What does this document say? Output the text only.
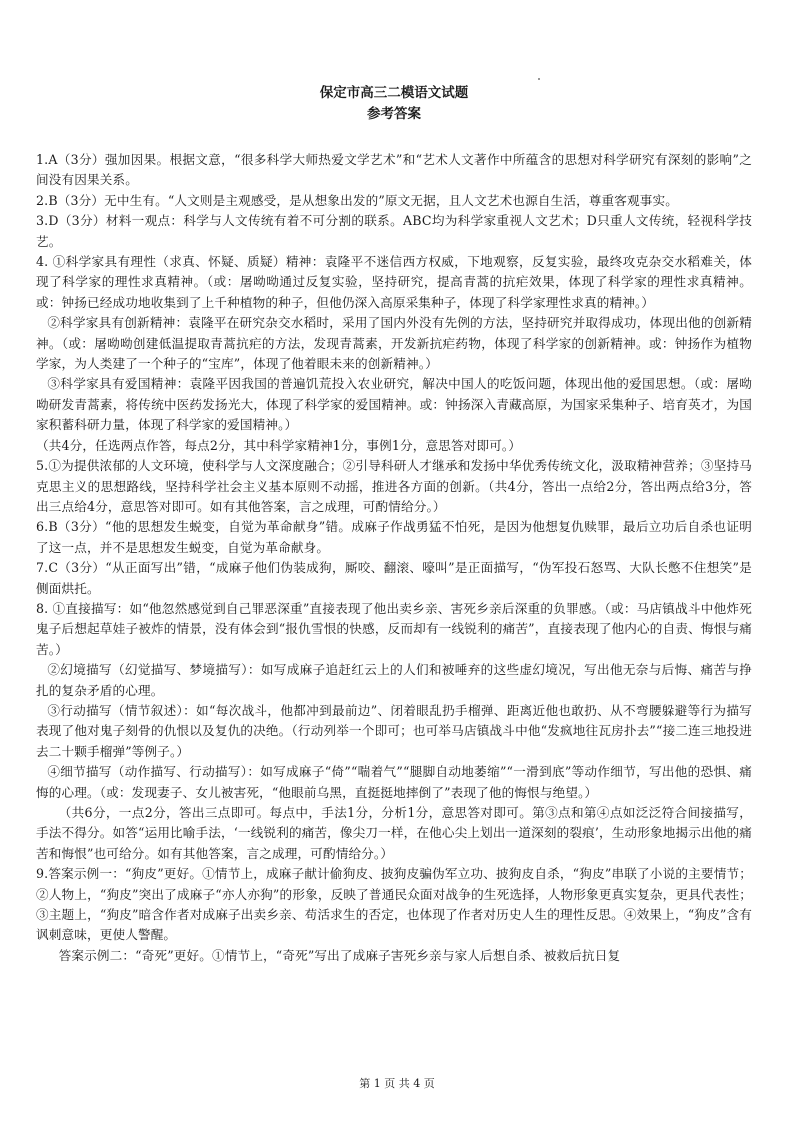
保定市高三二模语文试题

参考答案

1.A（3分）强加因果。根据文意，“很多科学大师热爱文学艺术”和“艺术人文著作中所蕴含的思想对科学研究有深刻的影响”之间没有因果关系。

2.B（3分）无中生有。“人文则是主观感受，是从想象出发的”原文无据，且人文艺术也源自生活，尊重客观事实。

3.D（3分）材料一观点：科学与人文传统有着不可分割的联系。ABC均为科学家重视人文艺术；D只重人文传统，轻视科学技艺。

4. ①科学家具有理性（求真、怀疑、质疑）精神：袁隆平不迷信西方权威，下地观察，反复实验，最终攻克杂交水稻难关，体现了科学家的理性求真精神。（或：屠呦呦通过反复实验，坚持研究，提高青蒿的抗疟效果，体现了科学家的理性求真精神。或：钟扬已经成功地收集到了上千种植物的种子，但他仍深入高原采集种子，体现了科学家理性求真的精神。）

②科学家具有创新精神：袁隆平在研究杂交水稻时，采用了国内外没有先例的方法，坚持研究并取得成功，体现出他的创新精神。（或：屠呦呦创建低温提取青蒿抗疟的方法，发现青蒿素，开发新抗疟药物，体现了科学家的创新精神。或：钟扬作为植物学家，为人类建了一个种子的“宝库”，体现了他着眼未来的创新精神。）

③科学家具有爱国精神：袁隆平因我国的普遍饥荒投入农业研究，解决中国人的吃饭问题，体现出他的爱国思想。（或：屠呦呦研发青蒿素，将传统中医药发扬光大，体现了科学家的爱国精神。或：钟扬深入青藏高原，为国家采集种子、培育英才，为国家积蓄科研力量，体现了科学家的爱国精神。）

（共4分，任选两点作答，每点2分，其中科学家精神1分，事例1分，意思答对即可。）

5.①为提供浓郁的人文环境，使科学与人文深度融合；②引导科研人才继承和发扬中华优秀传统文化，汲取精神营养；③坚持马克思主义的思想路线，坚持科学社会主义基本原则不动摇，推进各方面的创新。（共4分，答出一点给2分，答出两点给3分，答出三点给4分，意思答对即可。如有其他答案，言之成理，可酌情给分。）

6.B（3分）“他的思想发生蜕变，自觉为革命献身”错。成麻子作战勇猛不怕死，是因为他想复仇赎罪，最后立功后自杀也证明了这一点，并不是思想发生蜕变，自觉为革命献身。

7.C（3分）“从正面写出”错，“成麻子他们伪装成狗，厮咬、翻滚、嚎叫”是正面描写，“伪军投石怒骂、大队长憋不住想笑”是侧面烘托。

8. ①直接描写：如“他忽然感觉到自己罪恶深重”直接表现了他出卖乡亲、害死乡亲后深重的负罪感。（或：马店镇战斗中他炸死鬼子后想起草娃子被炸的情景，没有体会到“报仇雪恨的快感，反而却有一线锐利的痛苦”，直接表现了他内心的自责、悔恨与痛苦。）

②幻境描写（幻觉描写、梦境描写）：如写成麻子追赶红云上的人们和被唾弃的这些虚幻境况，写出他无奈与后悔、痛苦与挣扎的复杂矛盾的心理。

③行动描写（情节叙述）：如“每次战斗，他都冲到最前边”、闭着眼乱扔手榴弹、距离近他也敢扔、从不弯腰躲避等行为描写表现了他对鬼子刻骨的仇恨以及复仇的决绝。（行动列举一个即可；也可举马店镇战斗中他“发疯地往瓦房扑去”“接二连三地投进去二十颗手榴弹”等例子。）

④细节描写（动作描写、行动描写）：如写成麻子“倚”“喘着气”“腿脚自动地萎缩”“一滑到底”等动作细节，写出他的恐惧、痛悔的心理。（或：发现妻子、女儿被害死，“他眼前乌黑，直挺挺地摔倒了”表现了他的悔恨与绝望。）

（共6分，一点2分，答出三点即可。每点中，手法1分，分析1分，意思答对即可。第③点和第④点如泛泛符合间接描写，手法不得分。如答“运用比喻手法，‘一线锐利的痛苦，像尖刀一样，在他心尖上划出一道深刻的裂痕’，生动形象地揭示出他的痛苦和悔恨”也可给分。如有其他答案，言之成理，可酌情给分。）

9.答案示例一：“狗皮”更好。①情节上，成麻子献计偷狗皮、披狗皮骗伪军立功、披狗皮自杀，“狗皮”串联了小说的主要情节；②人物上，“狗皮”突出了成麻子“亦人亦狗”的形象，反映了普通民众面对战争的生死选择，人物形象更真实复杂，更具代表性；③主题上，“狗皮”暗含作者对成麻子出卖乡亲、苟活求生的否定，也体现了作者对历史人生的理性反思。④效果上，“狗皮”含有讽刺意味，更使人警醒。

答案示例二：“奇死”更好。①情节上，“奇死”写出了成麻子害死乡亲与家人后想自杀、被救后抗日复

第 1 页 共 4 页
